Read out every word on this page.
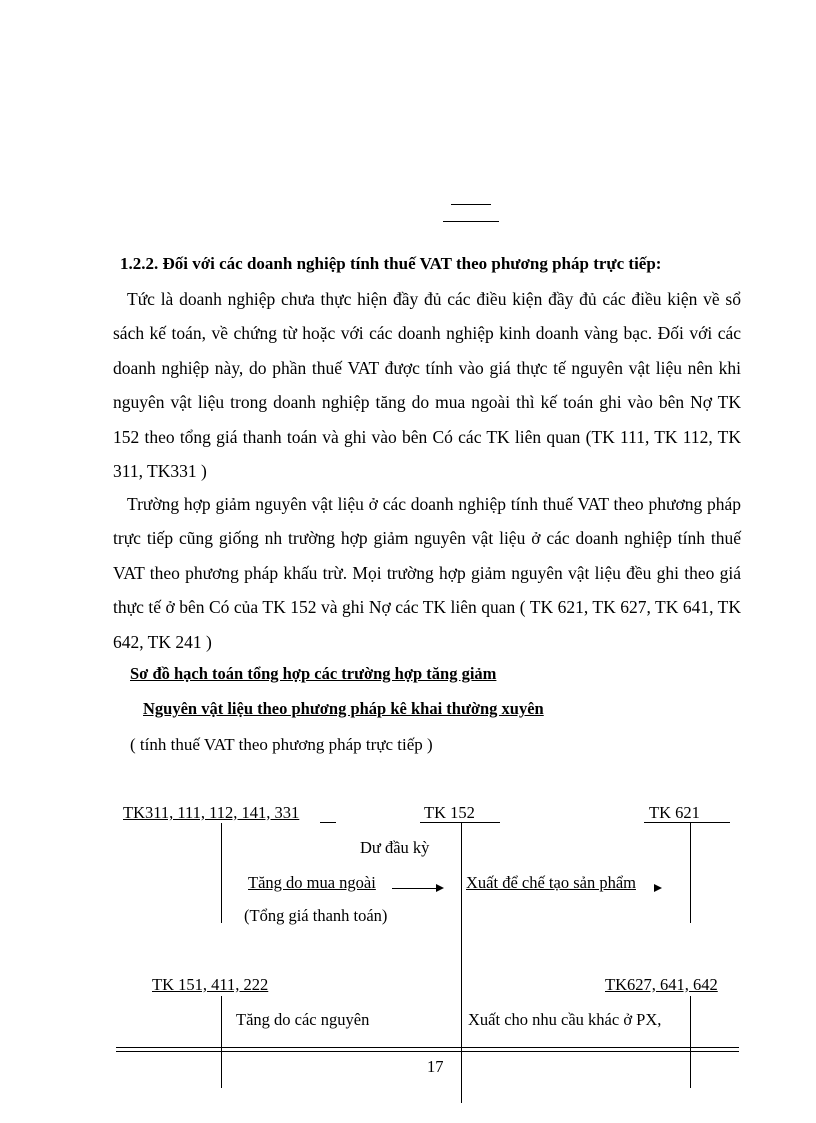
1.2.2. Đối với các doanh nghiệp tính thuế VAT theo phương pháp trực tiếp:
Tức là doanh nghiệp chưa thực hiện đầy đủ các điều kiện đầy đủ các điều kiện về sổ sách kế toán, về chứng từ hoặc với các doanh nghiệp kinh doanh vàng bạc. Đối với các doanh nghiệp này, do phần thuế VAT được tính vào giá thực tế nguyên vật liệu nên khi nguyên vật liệu trong doanh nghiệp tăng do mua ngoài thì kế toán ghi vào bên Nợ TK 152 theo tổng giá thanh toán và ghi vào bên Có các TK liên quan (TK 111, TK 112, TK 311, TK331 )
Trường hợp giảm nguyên vật liệu ở các doanh nghiệp tính thuế VAT theo phương pháp trực tiếp cũng giống nh trường hợp giảm nguyên vật liệu ở các doanh nghiệp tính thuế VAT theo phương pháp khấu trừ. Mọi trường hợp giảm nguyên vật liệu đều ghi theo giá thực tế ở bên Có của TK 152 và ghi Nợ các TK liên quan ( TK 621, TK 627, TK 641, TK 642, TK 241 )
Sơ đồ hạch toán tổng hợp các trường hợp tăng giảm
Nguyên vật liệu theo phương pháp kê khai thường xuyên
( tính thuế VAT theo phương pháp trực tiếp )
TK311, 111, 112, 141, 331	TK 152	TK 621
Dư đầu kỳ
Tăng do mua ngoài	Xuất để chế tạo sản phẩm
(Tổng giá thanh toán)
TK 151, 411, 222	TK627, 641, 642
Tăng do các nguyên	Xuất cho nhu cầu khác ở PX,
17
